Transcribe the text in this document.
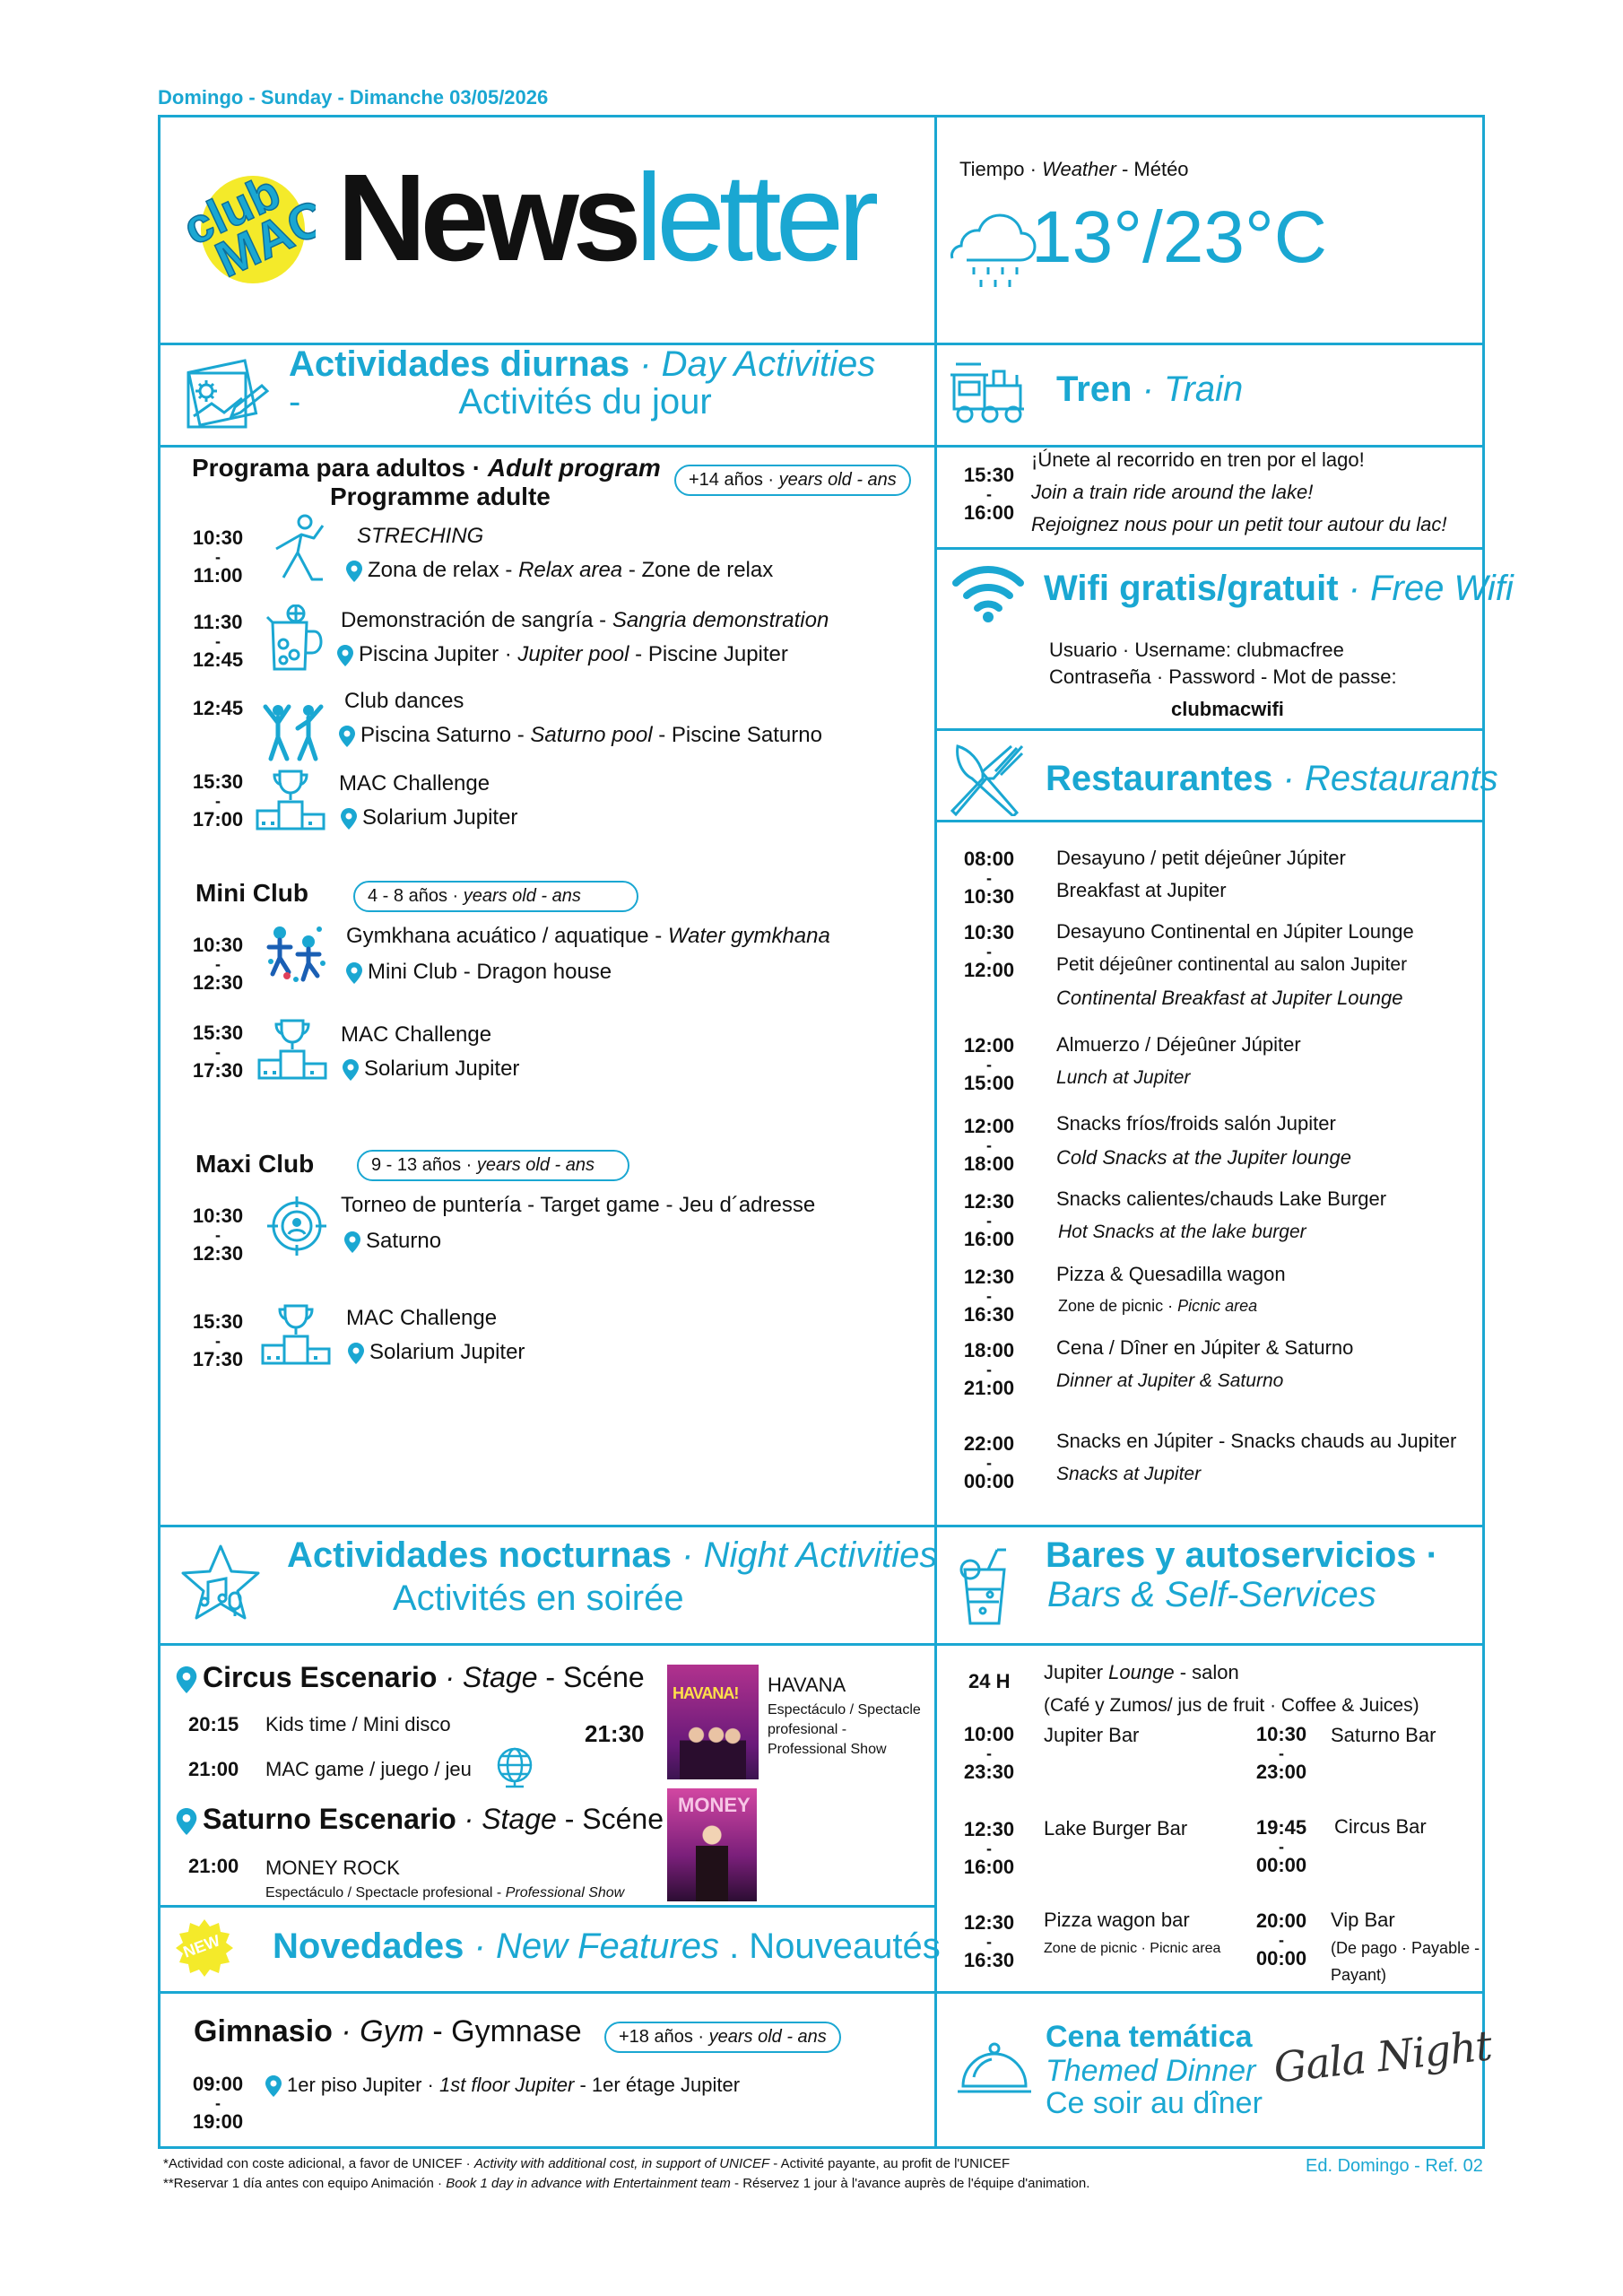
Domingo - Sunday - Dimanche 03/05/2026
club
MAC Newsletter	Tiempo · Weather - Météo
13°/23°C
Actividades diurnas · Day Activities
-	Activités du jour
Programa para adultos · Adult program
Programme adulte
+14 años · years old - ans
10:30
-
11:00
STRECHING
Zona de relax - Relax area - Zone de relax
11:30
-
12:45
Demonstración de sangría - Sangria demonstration
Piscina Jupiter · Jupiter pool - Piscine Jupiter
12:45	Club dances
Piscina Saturno - Saturno pool - Piscine Saturno
15:30
-
17:00
MAC Challenge
Solarium Jupiter
Mini Club	4 - 8 años · years old - ans
10:30
-
12:30
Gymkhana acuático / aquatique - Water gymkhana
Mini Club - Dragon house
15:30
-
17:30
MAC Challenge
Solarium Jupiter
Maxi Club	9 - 13 años · years old - ans
10:30
-
12:30
Torneo de puntería - Target game - Jeu d´adresse
Saturno
15:30
-
17:30
MAC Challenge
Solarium Jupiter
Tren · Train
15:30
-
16:00
¡Únete al recorrido en tren por el lago!
Join a train ride around the lake!
Rejoignez nous pour un petit tour autour du lac!
Wifi gratis/gratuit · Free Wifi
Usuario · Username: clubmacfree
Contraseña · Password - Mot de passe:
clubmacwifi
Restaurantes · Restaurants
08:00
-
10:30
Desayuno / petit déjeûner Júpiter
Breakfast at Jupiter
10:30
-
12:00
Desayuno Continental en Júpiter Lounge
Petit déjeûner continental au salon Jupiter
Continental Breakfast at Jupiter Lounge
12:00
-
15:00
Almuerzo / Déjeûner Júpiter
Lunch at Jupiter
12:00
-
18:00
Snacks fríos/froids salón Jupiter
Cold Snacks at the Jupiter lounge
12:30
-
16:00
Snacks calientes/chauds Lake Burger
Hot Snacks at the lake burger
12:30
-
16:30
Pizza & Quesadilla wagon
Zone de picnic · Picnic area
18:00
-
21:00
Cena / Dîner en Júpiter & Saturno
Dinner at Jupiter & Saturno
22:00
-
00:00
Snacks en Júpiter - Snacks chauds au Jupiter
Snacks at Jupiter
Actividades nocturnas · Night Activities
Activités en soirée
Circus Escenario · Stage - Scéne
20:15 Kids time / Mini disco
21:00 MAC game / juego / jeu
21:30
HAVANA! HAVANA
Espectáculo / Spectacle
profesional -
Professional Show
Saturno Escenario · Stage - Scéne
21:00 MONEY ROCK
Espectáculo / Spectacle profesional - Professional Show
MONEY
Bares y autoservicios ·
Bars & Self-Services
24 H Jupiter Lounge - salon
(Café y Zumos/ jus de fruit · Coffee & Juices)
10:00
-
23:30
Jupiter Bar	10:30
-
23:00
Saturno Bar
12:30
-
16:00
Lake Burger Bar	19:45
-
00:00
Circus Bar
12:30
-
16:30
Pizza wagon bar
Zone de picnic · Picnic area
20:00
-
00:00
Vip Bar
(De pago · Payable -
Payant)
NEW Novedades · New Features . Nouveautés
Gimnasio · Gym - Gymnase	+18 años · years old - ans
09:00
-
19:00
1er piso Jupiter · 1st floor Jupiter - 1er étage Jupiter
Cena temática
Themed Dinner
Ce soir au dîner
Gala Night
*Actividad con coste adicional, a favor de UNICEF · Activity with additional cost, in support of UNICEF - Activité payante, au profit de l'UNICEF
**Reservar 1 día antes con equipo Animación · Book 1 day in advance with Entertainment team - Réservez 1 jour à l'avance auprès de l'équipe d'animation.
Ed. Domingo - Ref. 02
